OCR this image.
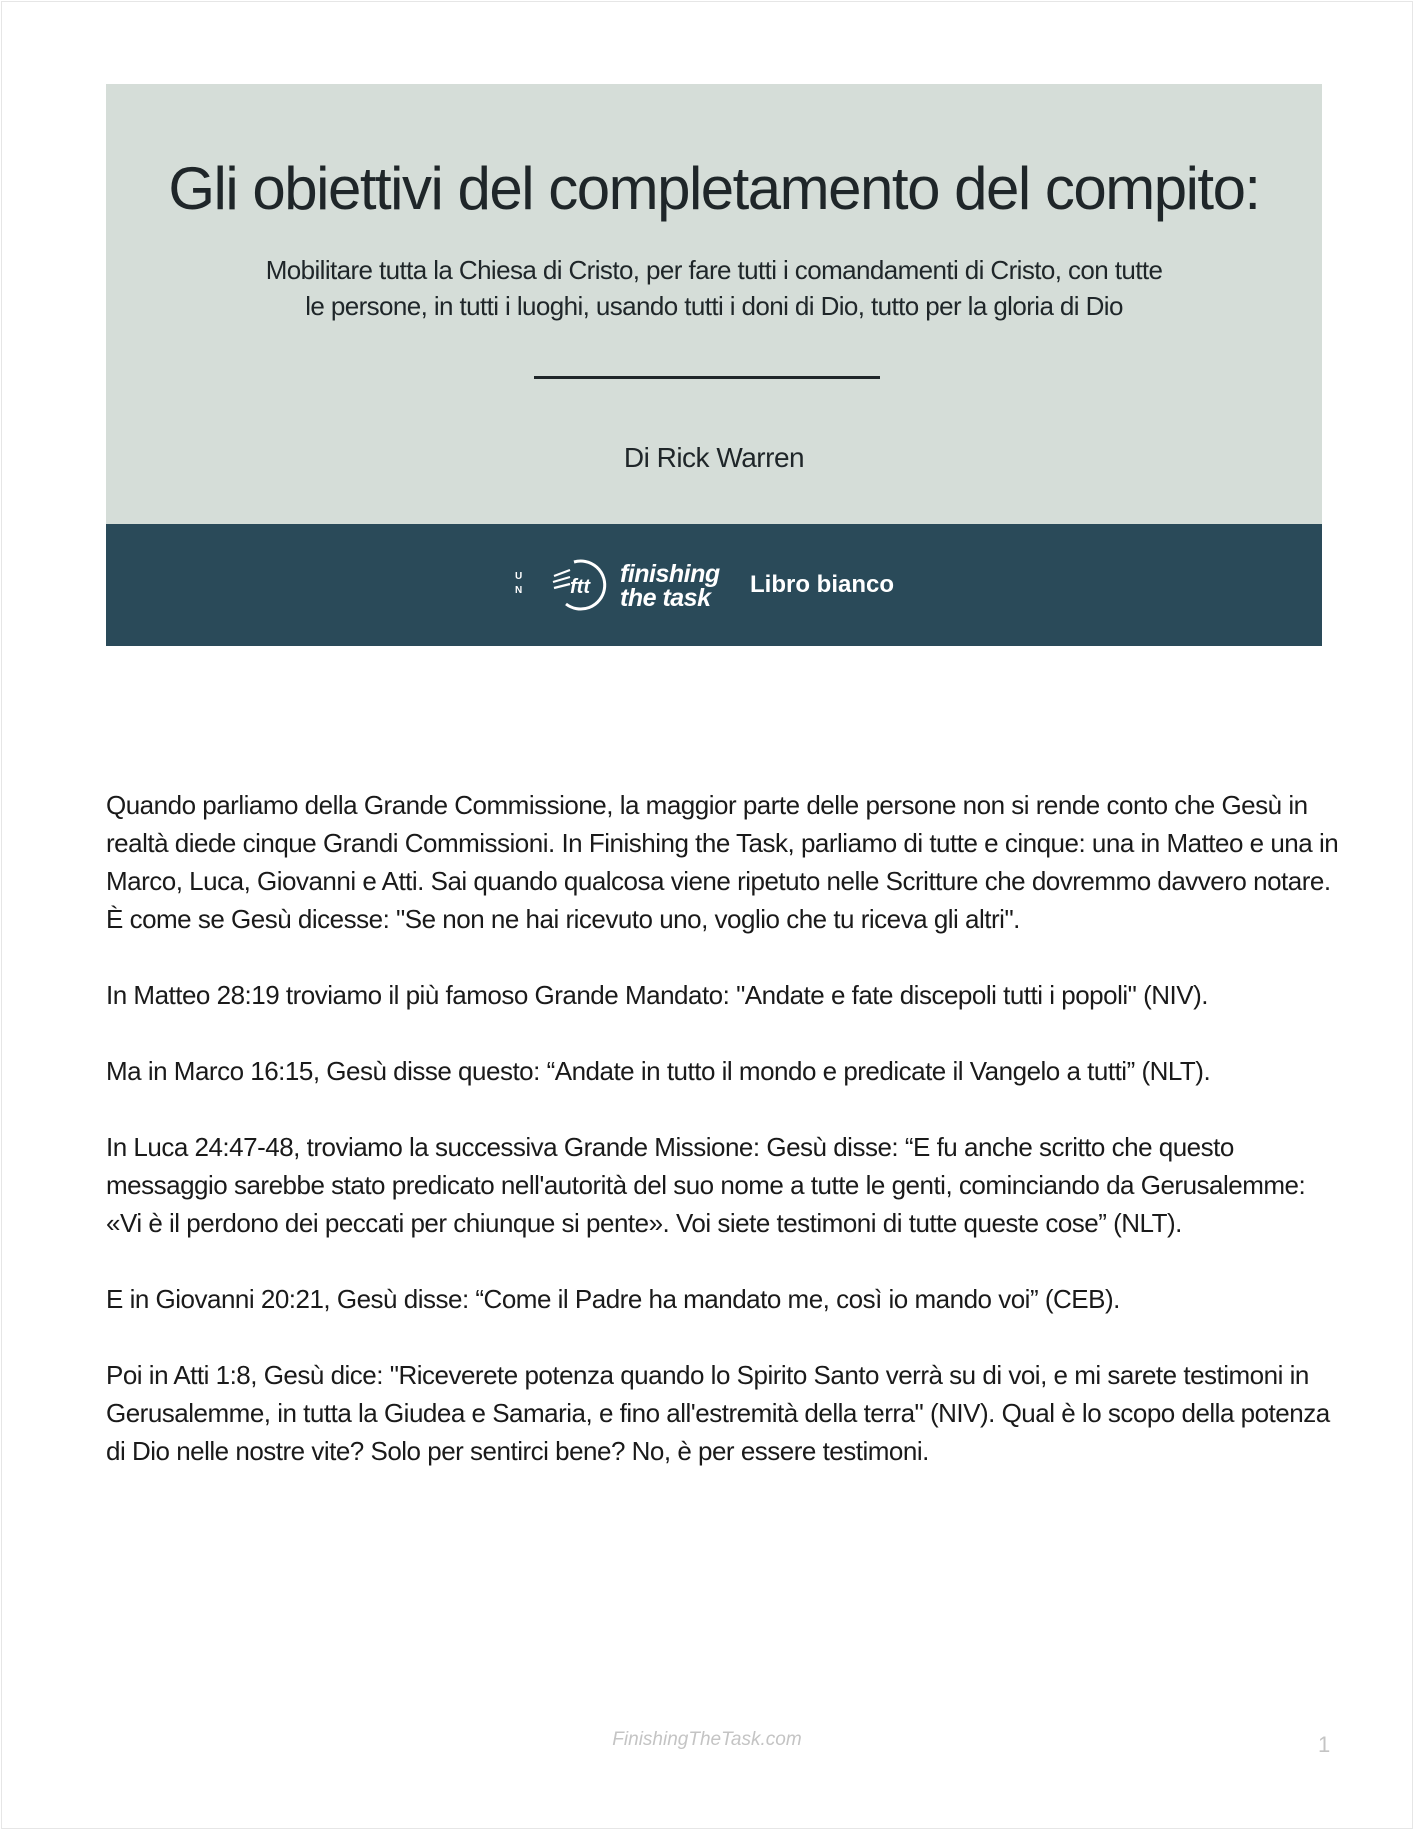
Gli obiettivi del completamento del compito:
Mobilitare tutta la Chiesa di Cristo, per fare tutti i comandamenti di Cristo, con tutte
le persone, in tutti i luoghi, usando tutti i doni di Dio, tutto per la gloria di Dio
Di Rick Warren
U
N ftt finishing
the task	Libro bianco

Quando parliamo della Grande Commissione, la maggior parte delle persone non si rende conto che Gesù in realtà diede cinque Grandi Commissioni. In Finishing the Task, parliamo di tutte e cinque: una in Matteo e una in Marco, Luca, Giovanni e Atti. Sai quando qualcosa viene ripetuto nelle Scritture che dovremmo davvero notare. È come se Gesù dicesse: "Se non ne hai ricevuto uno, voglio che tu riceva gli altri".

In Matteo 28:19 troviamo il più famoso Grande Mandato: "Andate e fate discepoli tutti i popoli" (NIV).

Ma in Marco 16:15, Gesù disse questo: “Andate in tutto il mondo e predicate il Vangelo a tutti” (NLT).

In Luca 24:47-48, troviamo la successiva Grande Missione: Gesù disse: “E fu anche scritto che questo messaggio sarebbe stato predicato nell'autorità del suo nome a tutte le genti, cominciando da Gerusalemme: «Vi è il perdono dei peccati per chiunque si pente». Voi siete testimoni di tutte queste cose” (NLT).

E in Giovanni 20:21, Gesù disse: “Come il Padre ha mandato me, così io mando voi” (CEB).

Poi in Atti 1:8, Gesù dice: "Riceverete potenza quando lo Spirito Santo verrà su di voi, e mi sarete testimoni in Gerusalemme, in tutta la Giudea e Samaria, e fino all'estremità della terra" (NIV). Qual è lo scopo della potenza di Dio nelle nostre vite? Solo per sentirci bene? No, è per essere testimoni.

FinishingTheTask.com	1
